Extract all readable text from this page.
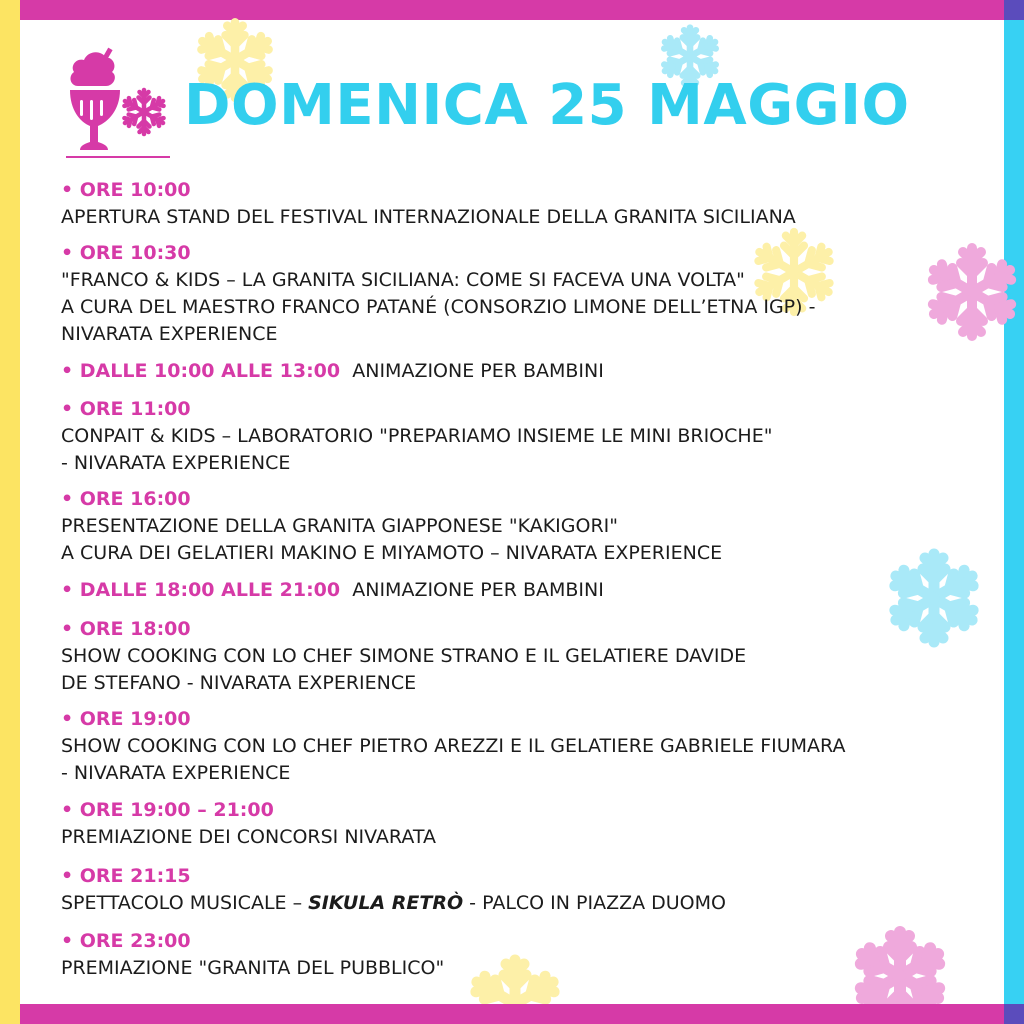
DOMENICA 25 MAGGIO

• ORE 10:00

APERTURA STAND DEL FESTIVAL INTERNAZIONALE DELLA GRANITA SICILIANA

• ORE 10:30

"FRANCO & KIDS – LA GRANITA SICILIANA: COME SI FACEVA UNA VOLTA"

A CURA DEL MAESTRO FRANCO PATANÉ (CONSORZIO LIMONE DELL’ETNA IGP) -

NIVARATA EXPERIENCE

• DALLE 10:00 ALLE 13:00 ANIMAZIONE PER BAMBINI

• ORE 11:00

CONPAIT & KIDS – LABORATORIO "PREPARIAMO INSIEME LE MINI BRIOCHE"

- NIVARATA EXPERIENCE

• ORE 16:00

PRESENTAZIONE DELLA GRANITA GIAPPONESE "KAKIGORI"

A CURA DEI GELATIERI MAKINO E MIYAMOTO – NIVARATA EXPERIENCE

• DALLE 18:00 ALLE 21:00 ANIMAZIONE PER BAMBINI

• ORE 18:00

SHOW COOKING CON LO CHEF SIMONE STRANO E IL GELATIERE DAVIDE

DE STEFANO - NIVARATA EXPERIENCE

• ORE 19:00

SHOW COOKING CON LO CHEF PIETRO AREZZI E IL GELATIERE GABRIELE FIUMARA

- NIVARATA EXPERIENCE

• ORE 19:00 – 21:00

PREMIAZIONE DEI CONCORSI NIVARATA

• ORE 21:15

SPETTACOLO MUSICALE – SIKULA RETRÒ - PALCO IN PIAZZA DUOMO

• ORE 23:00

PREMIAZIONE "GRANITA DEL PUBBLICO"
